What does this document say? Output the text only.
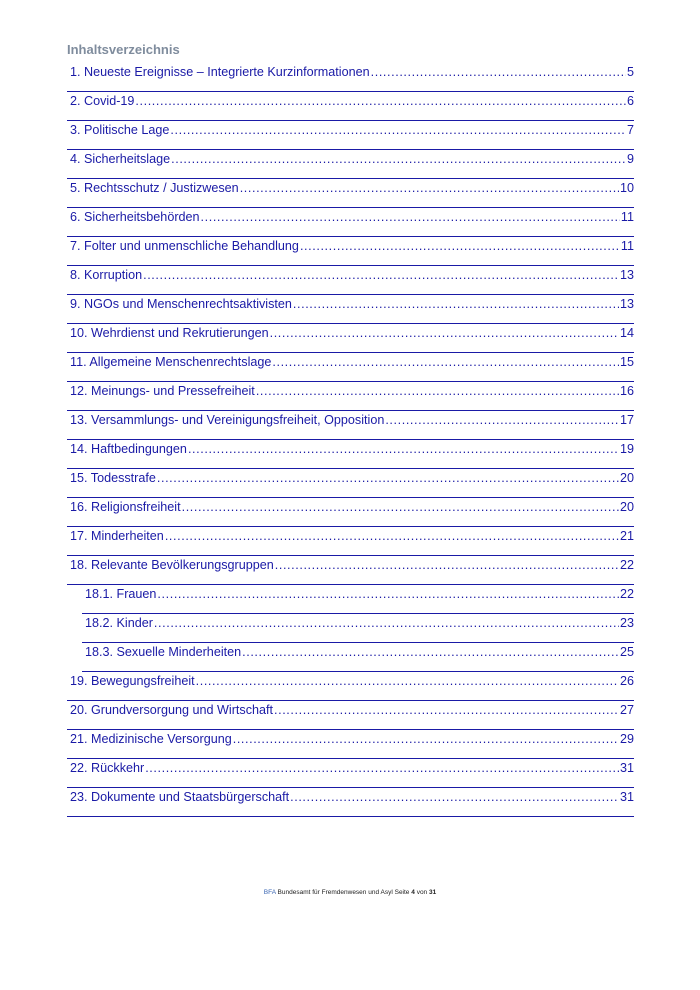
Inhaltsverzeichnis
1. Neueste Ereignisse – Integrierte Kurzinformationen .....	5
2. Covid-19 .....	6
3. Politische Lage .....	7
4. Sicherheitslage .....	9
5. Rechtsschutz / Justizwesen .....	10
6. Sicherheitsbehörden .....	11
7. Folter und unmenschliche Behandlung .....	11
8. Korruption .....	13
9. NGOs und Menschenrechtsaktivisten .....	13
10. Wehrdienst und Rekrutierungen .....	14
11. Allgemeine Menschenrechtslage .....	15
12. Meinungs- und Pressefreiheit .....	16
13. Versammlungs- und Vereinigungsfreiheit, Opposition .....	17
14. Haftbedingungen .....	19
15. Todesstrafe .....	20
16. Religionsfreiheit .....	20
17. Minderheiten .....	21
18. Relevante Bevölkerungsgruppen .....	22
18.1. Frauen .....	22
18.2. Kinder .....	23
18.3. Sexuelle Minderheiten .....	25
19. Bewegungsfreiheit .....	26
20. Grundversorgung und Wirtschaft .....	27
21. Medizinische Versorgung .....	29
22. Rückkehr .....	31
23. Dokumente und Staatsbürgerschaft .....	31
BFA Bundesamt für Fremdenwesen und Asyl Seite 4 von 31
